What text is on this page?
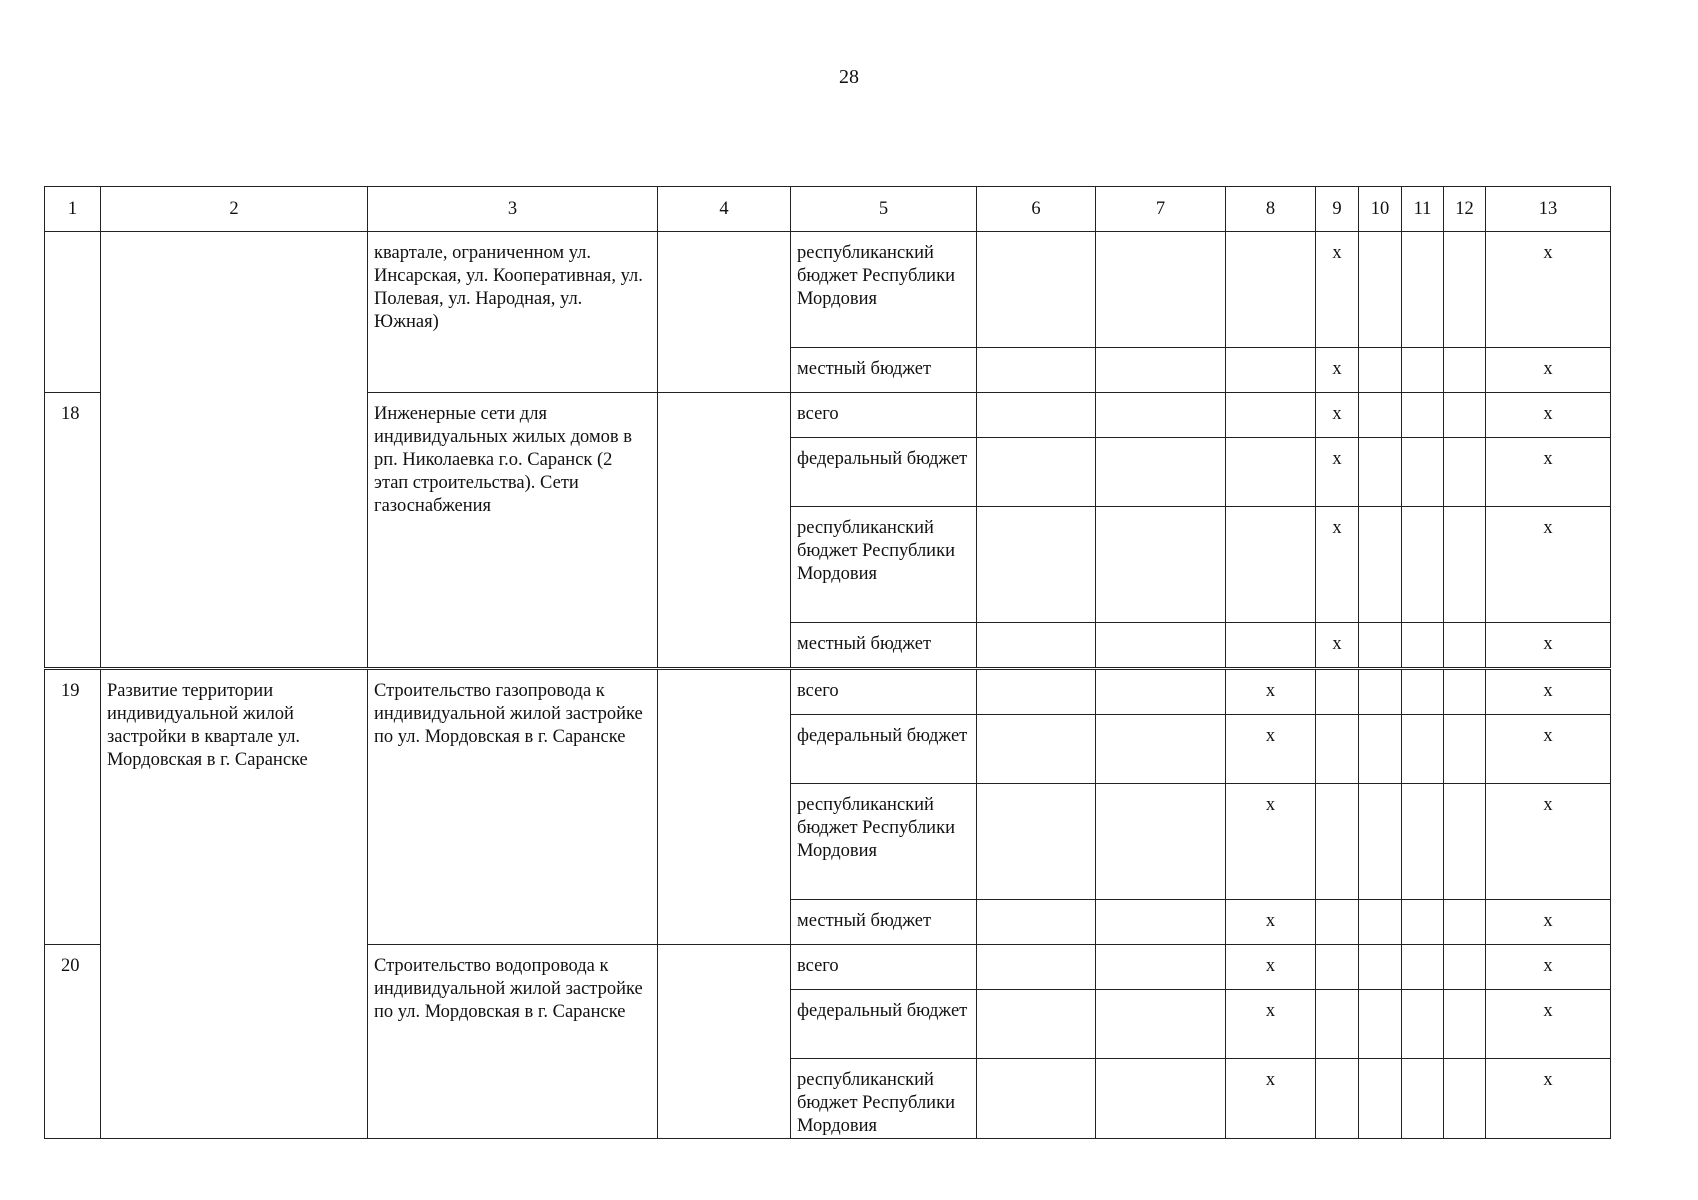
28
1	2	3	4	5	6	7	8	9	10	11	12	13
		квартале, ограниченном ул. Инсарская, ул. Кооперативная, ул. Полевая, ул. Народная, ул. Южная)		республиканский бюджет Республики Мордовия				х				х
				местный бюджет				х				х
18		Инженерные сети для индивидуальных жилых домов в рп. Николаевка г.о. Саранск (2 этап строительства). Сети газоснабжения		всего				х				х
				федеральный бюджет				х				х
				республиканский бюджет Республики Мордовия				х				х
				местный бюджет				х				х
19	Развитие территории индивидуальной жилой застройки в квартале ул. Мордовская в г. Саранске	Строительство газопровода к индивидуальной жилой застройке по ул. Мордовская в г. Саранске		всего			х					х
				федеральный бюджет			х					х
				республиканский бюджет Республики Мордовия			х					х
				местный бюджет			х					х
20		Строительство водопровода к индивидуальной жилой застройке по ул. Мордовская в г. Саранске		всего			х					х
				федеральный бюджет			х					х
				республиканский бюджет Республики Мордовия			х					х
